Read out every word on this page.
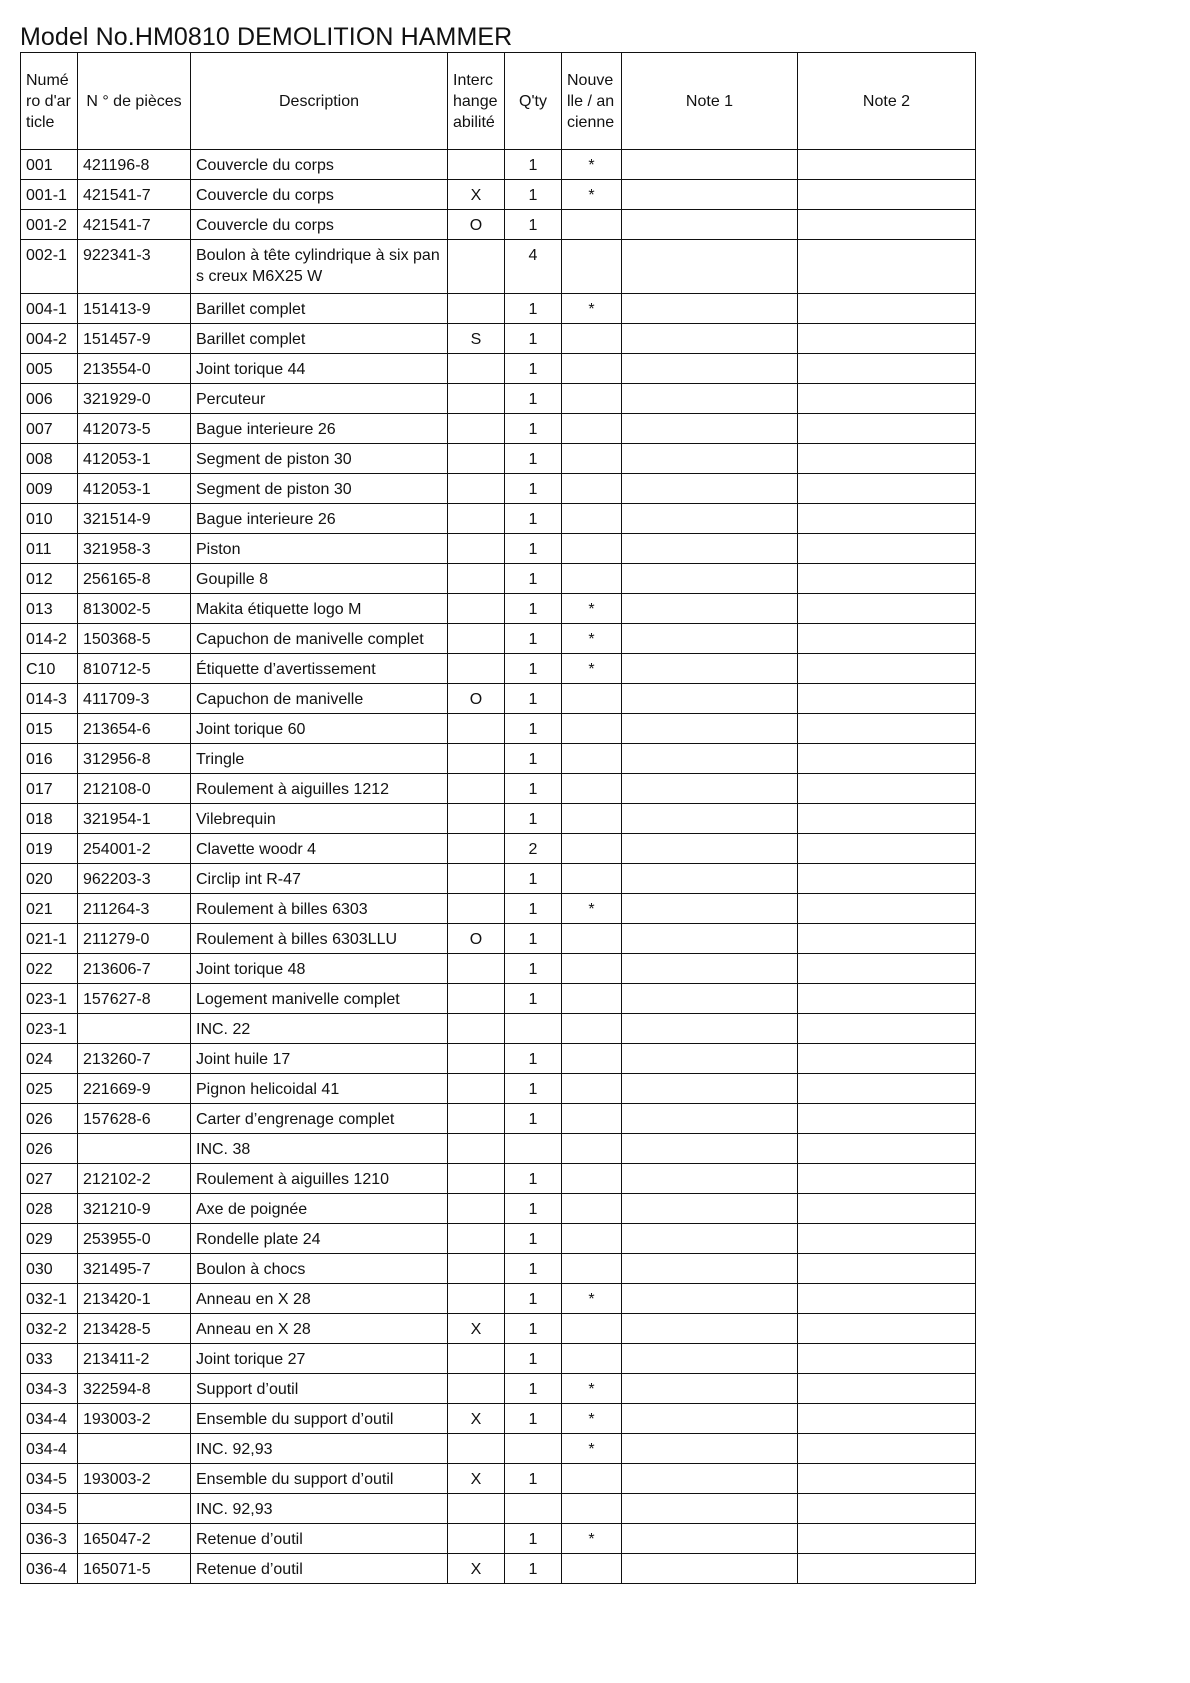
Model No.HM0810 DEMOLITION HAMMER
Numéro d'article	N ° de pièces	Description	Interchangeabilité	Q'ty	Nouvelle / ancienne	Note 1	Note 2
001	421196-8	Couvercle du corps		1	*		
001-1	421541-7	Couvercle du corps	X	1	*		
001-2	421541-7	Couvercle du corps	O	1			
002-1	922341-3	Boulon à tête cylindrique à six pans creux M6X25 W		4			
004-1	151413-9	Barillet complet		1	*		
004-2	151457-9	Barillet complet	S	1			
005	213554-0	Joint torique 44		1			
006	321929-0	Percuteur		1			
007	412073-5	Bague interieure 26		1			
008	412053-1	Segment de piston 30		1			
009	412053-1	Segment de piston 30		1			
010	321514-9	Bague interieure 26		1			
011	321958-3	Piston		1			
012	256165-8	Goupille 8		1			
013	813002-5	Makita étiquette logo M		1	*		
014-2	150368-5	Capuchon de manivelle complet		1	*		
C10	810712-5	Étiquette d’avertissement		1	*		
014-3	411709-3	Capuchon de manivelle	O	1			
015	213654-6	Joint torique 60		1			
016	312956-8	Tringle		1			
017	212108-0	Roulement à aiguilles 1212		1			
018	321954-1	Vilebrequin		1			
019	254001-2	Clavette woodr 4		2			
020	962203-3	Circlip int R-47		1			
021	211264-3	Roulement à billes 6303		1	*		
021-1	211279-0	Roulement à billes 6303LLU	O	1			
022	213606-7	Joint torique 48		1			
023-1	157627-8	Logement manivelle complet		1			
023-1		INC. 22					
024	213260-7	Joint huile 17		1			
025	221669-9	Pignon helicoidal 41		1			
026	157628-6	Carter d’engrenage complet		1			
026		INC. 38					
027	212102-2	Roulement à aiguilles 1210		1			
028	321210-9	Axe de poignée		1			
029	253955-0	Rondelle plate 24		1			
030	321495-7	Boulon à chocs		1			
032-1	213420-1	Anneau en X 28		1	*		
032-2	213428-5	Anneau en X 28	X	1			
033	213411-2	Joint torique 27		1			
034-3	322594-8	Support d’outil		1	*		
034-4	193003-2	Ensemble du support d’outil	X	1	*		
034-4		INC. 92,93			*		
034-5	193003-2	Ensemble du support d’outil	X	1			
034-5		INC. 92,93					
036-3	165047-2	Retenue d’outil		1	*		
036-4	165071-5	Retenue d’outil	X	1			
